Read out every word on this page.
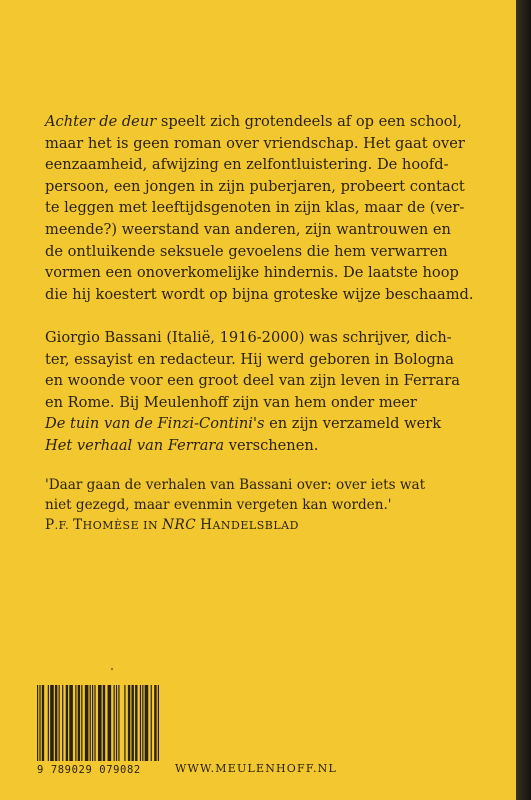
Achter de deur speelt zich grotendeels af op een school,

maar het is geen roman over vriendschap. Het gaat over

eenzaamheid, afwijzing en zelfontluistering. De hoofd-

persoon, een jongen in zijn puberjaren, probeert contact

te leggen met leeftijdsgenoten in zijn klas, maar de (ver-

meende?) weerstand van anderen, zijn wantrouwen en

de ontluikende seksuele gevoelens die hem verwarren

vormen een onoverkomelijke hindernis. De laatste hoop

die hij koestert wordt op bijna groteske wijze beschaamd.

Giorgio Bassani (Italië, 1916-2000) was schrijver, dich-

ter, essayist en redacteur. Hij werd geboren in Bologna

en woonde voor een groot deel van zijn leven in Ferrara

en Rome. Bij Meulenhoff zijn van hem onder meer

De tuin van de Finzi-Contini's en zijn verzameld werk

Het verhaal van Ferrara verschenen.

'Daar gaan de verhalen van Bassani over: over iets wat

niet gezegd, maar evenmin vergeten kan worden.'

P.F. THOMÈSE IN NRC HANDELSBLAD

9 789029 079082	WWW.MEULENHOFF.NL
